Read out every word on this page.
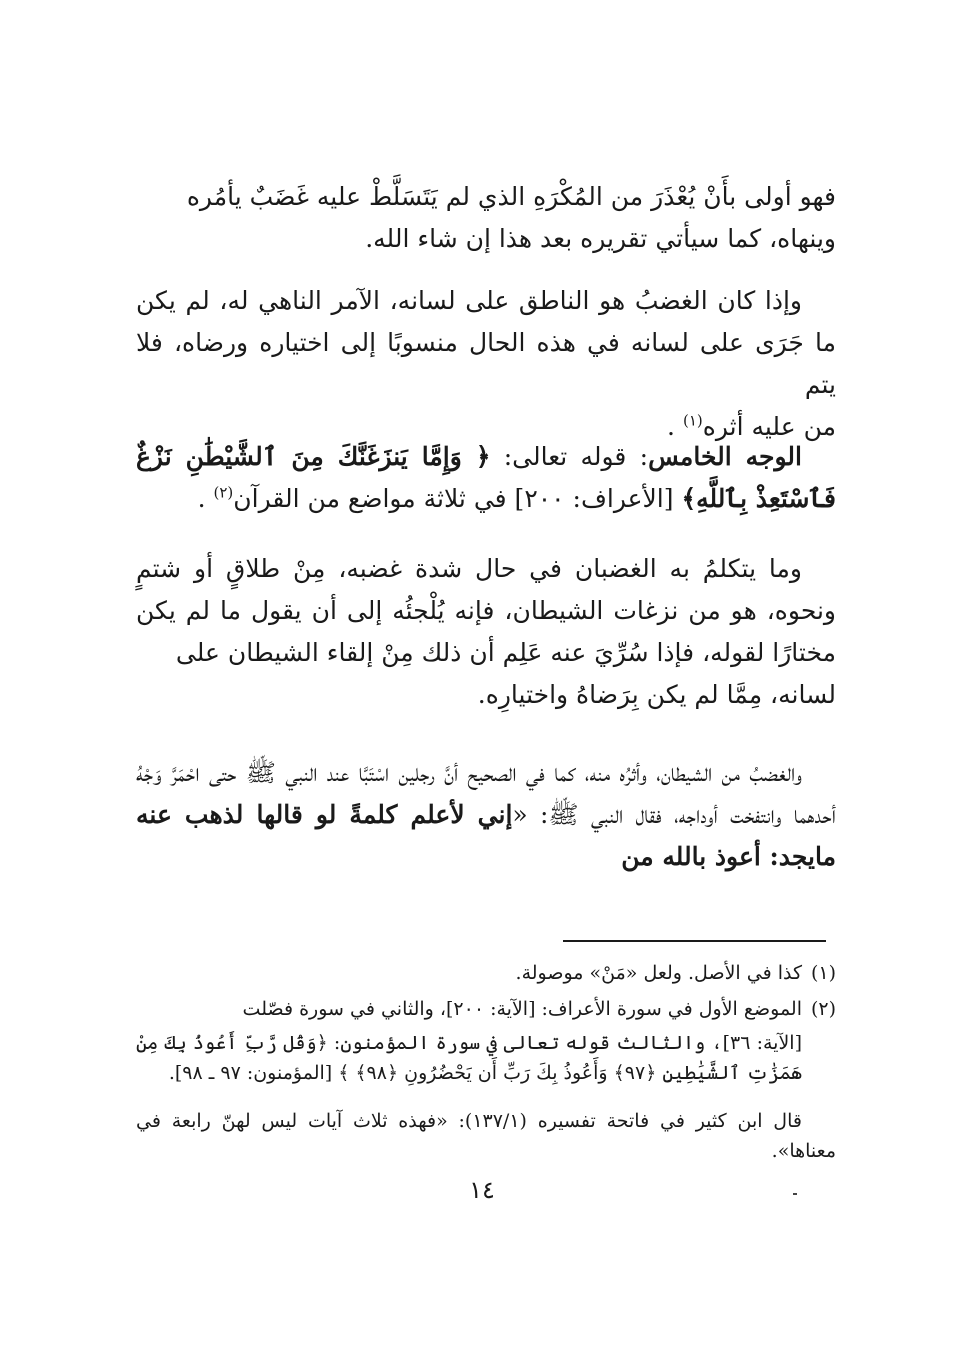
فهو أولى بأَنْ يُعْذَرَ من المُكْرَهِ الذي لم يَتَسَلَّطْ عليه غَضَبٌ يأمُره
وينهاه، كما سيأتي تقريره بعد هذا إن شاء الله.

وإذا كان الغضبُ هو الناطق على لسانه، الآمر الناهي له، لم يكن ما جَرَى على لسانه في هذه الحال منسوبًا إلى اختياره ورضاه، فلا يتم
من عليه أثره$^{(١)}$ .

الوجه الخامس: قوله تعالى: ﴿ وَإِمَّا يَنزَغَنَّكَ مِنَ ٱلشَّيْطَٰنِ نَزْغٌ فَٱسْتَعِذْ بِٱللَّهِ﴾ [الأعراف: ٢٠٠] في ثلاثة مواضع من القرآن$^{(٢)}$ .

وما يتكلمُ به الغضبان في حال شدة غضبه، مِنْ طلاقٍ أو شتمٍ ونحوه، هو من نزغات الشيطان، فإنه يُلْجئُه إلى أن يقول ما لم يكن مختارًا لقوله، فإذا سُرِّيَ عنه عَلِم أن ذلك مِنْ إلقاء الشيطان على
لسانه، مِمَّا لم يكن بِرَضاهُ واختيارِه.

والغضبُ من الشيطان، وأثرُه منه، كما في الصحيح أنَّ رجلين اسْتَبَّا عند النبي ﷺ حتى احْمَرَّ وَجْهُ أحدهما وانتفخت أوداجه، فقال النبي ﷺ: «إني لأعلم كلمةً لو قالها لذهب عنه مايجد: أعوذ بالله من

(١)كذا في الأصل. ولعل «مَنْ» موصولة.

(٢)الموضع الأول في سورة الأعراف: [الآية: ٢٠٠]، والثاني في سورة فصّلت

[الآية: ٣٦]، والثالث قوله تعالى في سورة المؤمنون: ﴿وَقُل رَّبِّ أَعُوذُ بِكَ مِنْ هَمَزَٰتِ ٱلشَّيَٰطِينِ ﴿٩٧﴾ وَأَعُوذُ بِكَ رَبِّ أَن يَحْضُرُونِ ﴿٩٨﴾ ﴾ [المؤمنون: ٩٧ ـ ٩٨].

قال ابن كثير في فاتحة تفسيره (١٣٧/١): «فهذه ثلاث آيات ليس لهنّ رابعة في معناها».

١٤
